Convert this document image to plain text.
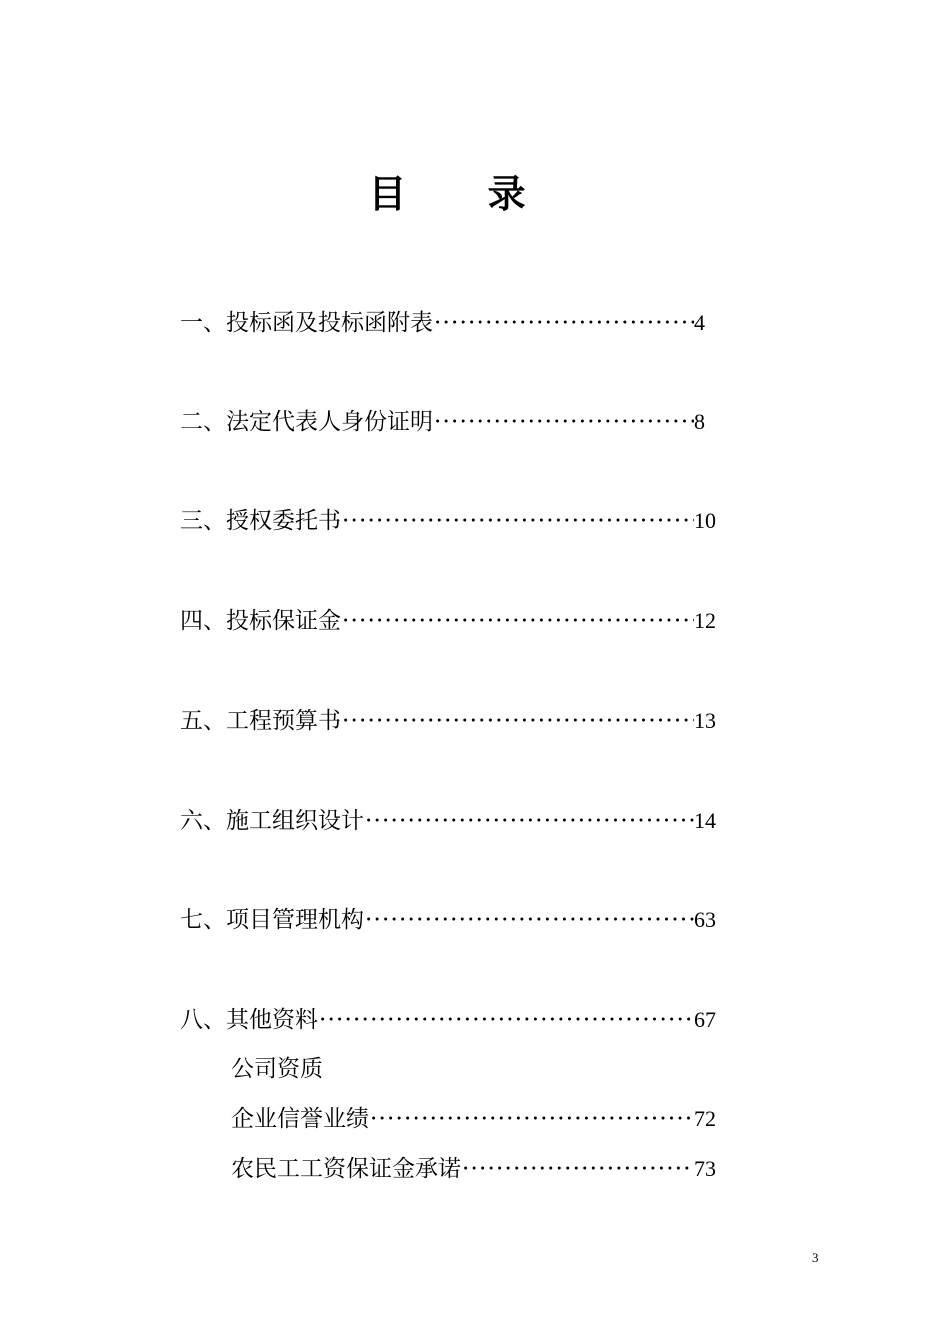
目 录
一、 投标函及投标函附表 ·····	4
二、 法定代表人身份证明 ·····	8
三、 授权委托书 ·····	10
四、 投标保证金 ·····	12
五、 工程预算书 ·····	13
六、 施工组织设计 ·····	14
七、 项目管理机构 ·····	63
八、 其他资料 ·····	67
公司资质
企业信誉业绩 ·····	72
农民工工资保证金承诺 ·····	73
3
